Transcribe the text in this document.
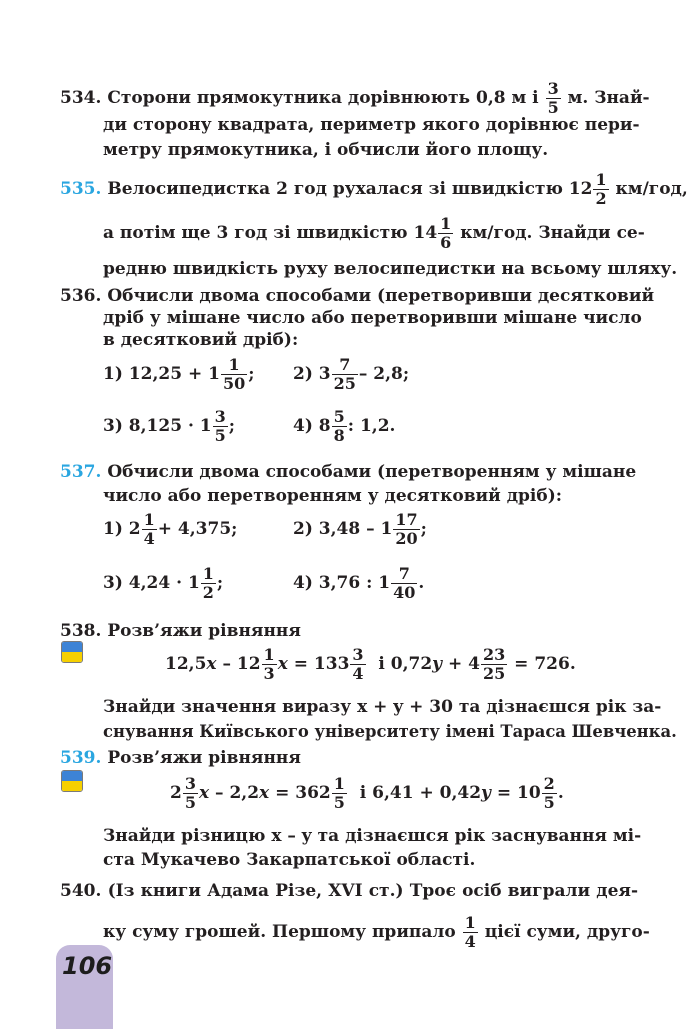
534. Сторони прямокутника дорівнюють 0,8 м і $\frac{3}{5} м$. Знай-
ди сторону квадрата, периметр якого дорівнює пери-
метру прямокутника, і обчисли його площу.
535. Велосипедистка 2 год рухалася зі швидкістю $12 \frac{1}{2} км/год$,
а потім ще 3 год зі швидкістю $14 \frac{1}{6} км/год$. Знайди се-
редню швидкість руху велосипедистки на всьому шляху.
536. Обчисли двома способами (перетворивши десятковий
дріб у мішане число або перетворивши мішане число
в десятковий дріб):
1) $12,25 + 1 \frac{1}{50}$ ; 2) $3 \frac{7}{25} - 2,8$;
3) $8,125 \cdot 1 \frac{3}{5}$ ;	4) $8 \frac{5}{8}$ : 1,2.
537. Обчисли двома способами (перетворенням у мішане
число або перетворенням у десятковий дріб):
1) $2 \frac{1}{4} + 4,375$;	2) $3,48 - 1 \frac{17}{20}$ ;
3) $4,24 \cdot 1 \frac{1}{2}$ ;	4) 3,76 : $1 \frac{7}{40}$ .
538. Розв’яжи рівняння
$12,5x - 12 \frac{1}{3}$ $x = 133 \frac{3}{4}$ і $0,72y + 4 \frac{23}{25} = 726$.
Знайди значення виразу x + y + 30 та дізнаєшся рік за-
снування Київського університету імені Тараса Шевченка.
539. Розв’яжи рівняння
$2 \frac{3}{5}$ $x - 2,2x = 362 \frac{1}{5}$ і $6,41 + 0,42y = 10 \frac{2}{5}$ .
Знайди різницю x – y та дізнаєшся рік заснування мі-
ста Мукачево Закарпатської області.
540. (Із книги Адама Різе, XVI ст.) Троє осіб виграли дея-
ку суму грошей. Першому припало $\frac{1}{4}$ цієї суми, друго-
106
